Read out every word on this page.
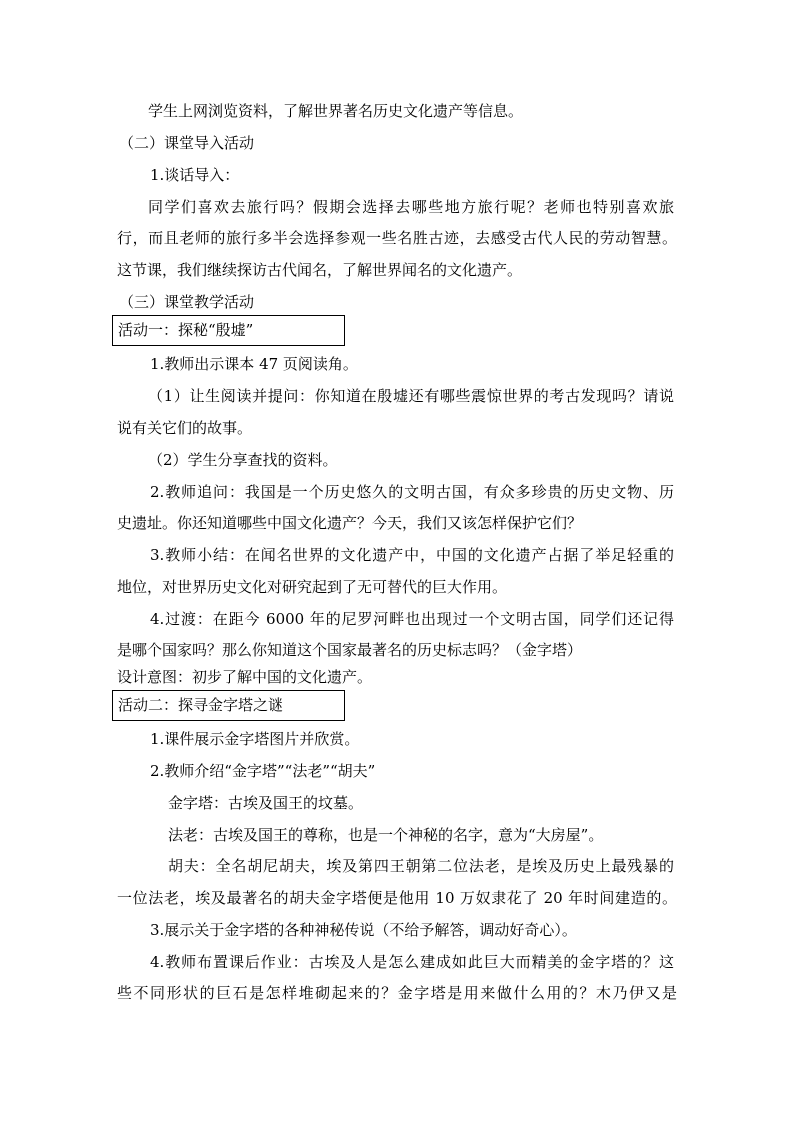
学生上网浏览资料，了解世界著名历史文化遗产等信息。
（二）课堂导入活动
1.谈话导入：
同学们喜欢去旅行吗？假期会选择去哪些地方旅行呢？老师也特别喜欢旅
行，而且老师的旅行多半会选择参观一些名胜古迹，去感受古代人民的劳动智慧。
这节课，我们继续探访古代闻名，了解世界闻名的文化遗产。
（三）课堂教学活动
活动一：探秘“殷墟”
1.教师出示课本 47 页阅读角。
（1）让生阅读并提问：你知道在殷墟还有哪些震惊世界的考古发现吗？请说
说有关它们的故事。
（2）学生分享查找的资料。
2.教师追问：我国是一个历史悠久的文明古国，有众多珍贵的历史文物、历
史遗址。你还知道哪些中国文化遗产？今天，我们又该怎样保护它们？
3.教师小结：在闻名世界的文化遗产中，中国的文化遗产占据了举足轻重的
地位，对世界历史文化对研究起到了无可替代的巨大作用。
4.过渡：在距今 6000 年的尼罗河畔也出现过一个文明古国，同学们还记得
是哪个国家吗？那么你知道这个国家最著名的历史标志吗？（金字塔）
设计意图：初步了解中国的文化遗产。
活动二：探寻金字塔之谜
1.课件展示金字塔图片并欣赏。
2.教师介绍“金字塔”“法老”“胡夫”
金字塔：古埃及国王的坟墓。
法老：古埃及国王的尊称，也是一个神秘的名字，意为“大房屋”。
胡夫：全名胡尼胡夫，埃及第四王朝第二位法老，是埃及历史上最残暴的
一位法老，埃及最著名的胡夫金字塔便是他用 10 万奴隶花了 20 年时间建造的。
3.展示关于金字塔的各种神秘传说（不给予解答，调动好奇心）。
4.教师布置课后作业：古埃及人是怎么建成如此巨大而精美的金字塔的？这
些不同形状的巨石是怎样堆砌起来的？金字塔是用来做什么用的？木乃伊又是
